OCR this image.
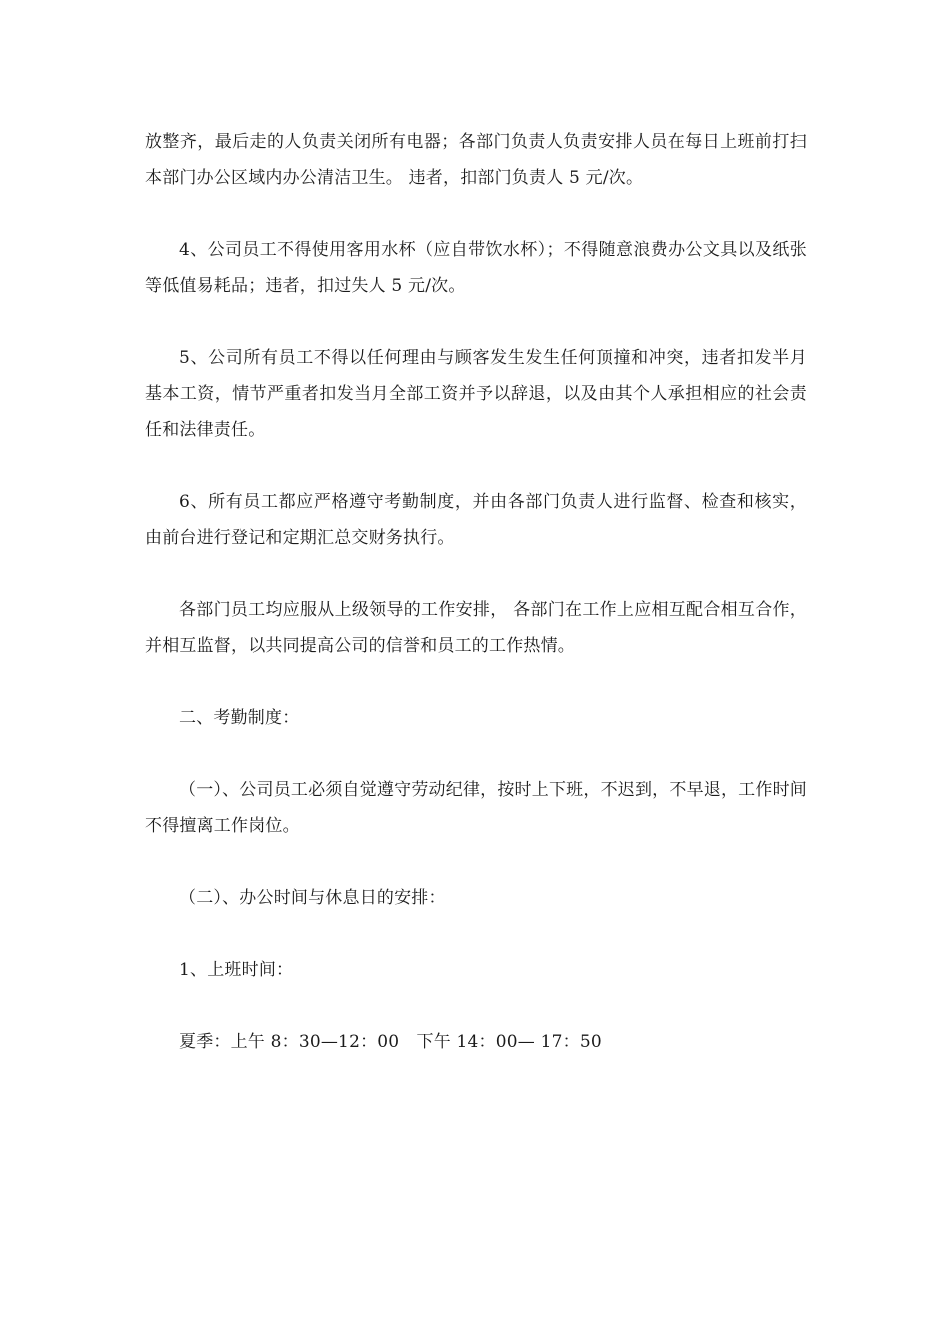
放整齐，最后走的人负责关闭所有电器；各部门负责人负责安排人员在每日上班前打扫本部门办公区域内办公清洁卫生。 违者，扣部门负责人 5 元/次。

4、公司员工不得使用客用水杯（应自带饮水杯）；不得随意浪费办公文具以及纸张等低值易耗品；违者，扣过失人 5 元/次。

5、公司所有员工不得以任何理由与顾客发生发生任何顶撞和冲突，违者扣发半月基本工资，情节严重者扣发当月全部工资并予以辞退，以及由其个人承担相应的社会责任和法律责任。

6、所有员工都应严格遵守考勤制度，并由各部门负责人进行监督、检查和核实，由前台进行登记和定期汇总交财务执行。

各部门员工均应服从上级领导的工作安排， 各部门在工作上应相互配合相互合作，并相互监督，以共同提高公司的信誉和员工的工作热情。

二、考勤制度：

（一）、公司员工必须自觉遵守劳动纪律，按时上下班，不迟到，不早退，工作时间不得擅离工作岗位。

（二）、办公时间与休息日的安排：

1、上班时间：

夏季：上午 8：30—12：00　下午 14：00— 17：50
